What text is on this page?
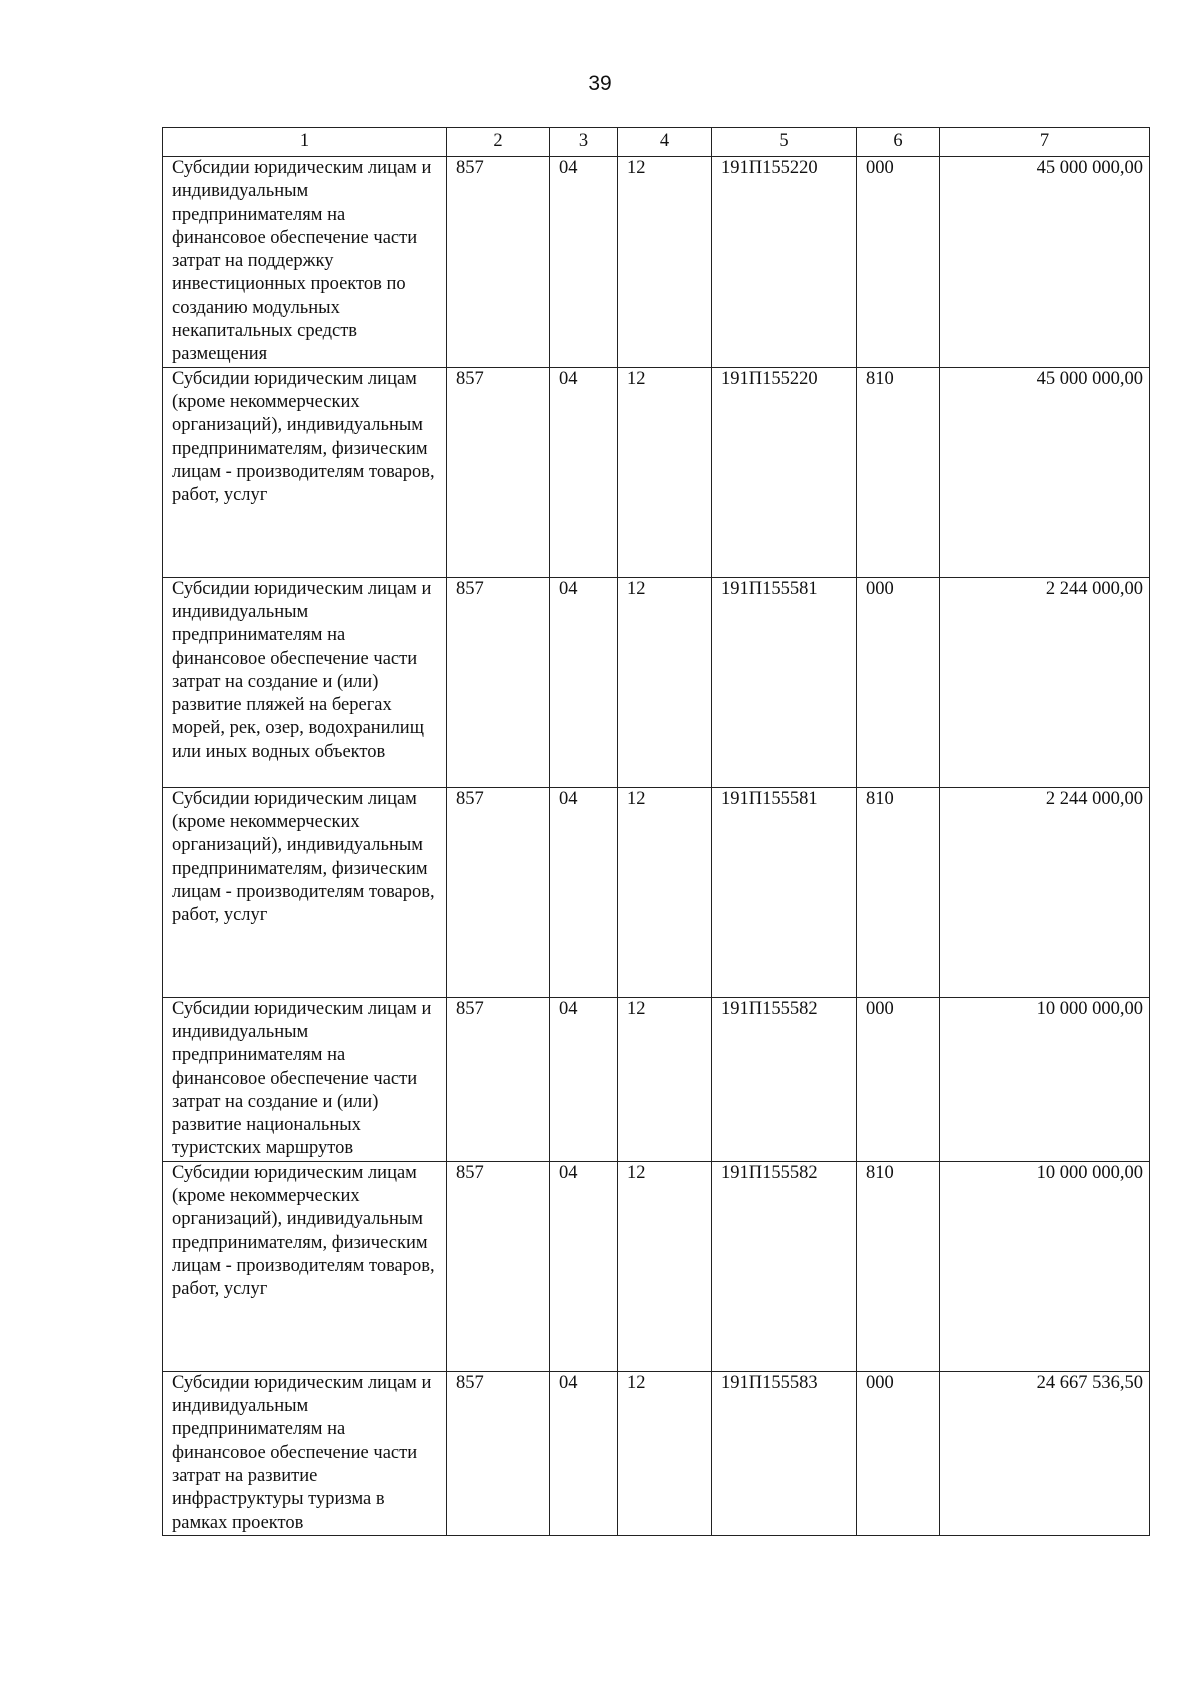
39
1	2	3	4	5	6	7
Субсидии юридическим лицам и индивидуальным предпринимателям на финансовое обеспечение части затрат на поддержку инвестиционных проектов по созданию модульных некапитальных средств размещения	857	04	12	191П155220	000	45 000 000,00
Субсидии юридическим лицам (кроме некоммерческих организаций), индивидуальным предпринимателям, физическим лицам - производителям товаров, работ, услуг	857	04	12	191П155220	810	45 000 000,00
Субсидии юридическим лицам и индивидуальным предпринимателям на финансовое обеспечение части затрат на создание и (или) развитие пляжей на берегах морей, рек, озер, водохранилищ или иных водных объектов	857	04	12	191П155581	000	2 244 000,00
Субсидии юридическим лицам (кроме некоммерческих организаций), индивидуальным предпринимателям, физическим лицам - производителям товаров, работ, услуг	857	04	12	191П155581	810	2 244 000,00
Субсидии юридическим лицам и индивидуальным предпринимателям на финансовое обеспечение части затрат на создание и (или) развитие национальных туристских маршрутов	857	04	12	191П155582	000	10 000 000,00
Субсидии юридическим лицам (кроме некоммерческих организаций), индивидуальным предпринимателям, физическим лицам - производителям товаров, работ, услуг	857	04	12	191П155582	810	10 000 000,00
Субсидии юридическим лицам и индивидуальным предпринимателям на финансовое обеспечение части затрат на развитие инфраструктуры туризма в рамках проектов	857	04	12	191П155583	000	24 667 536,50
